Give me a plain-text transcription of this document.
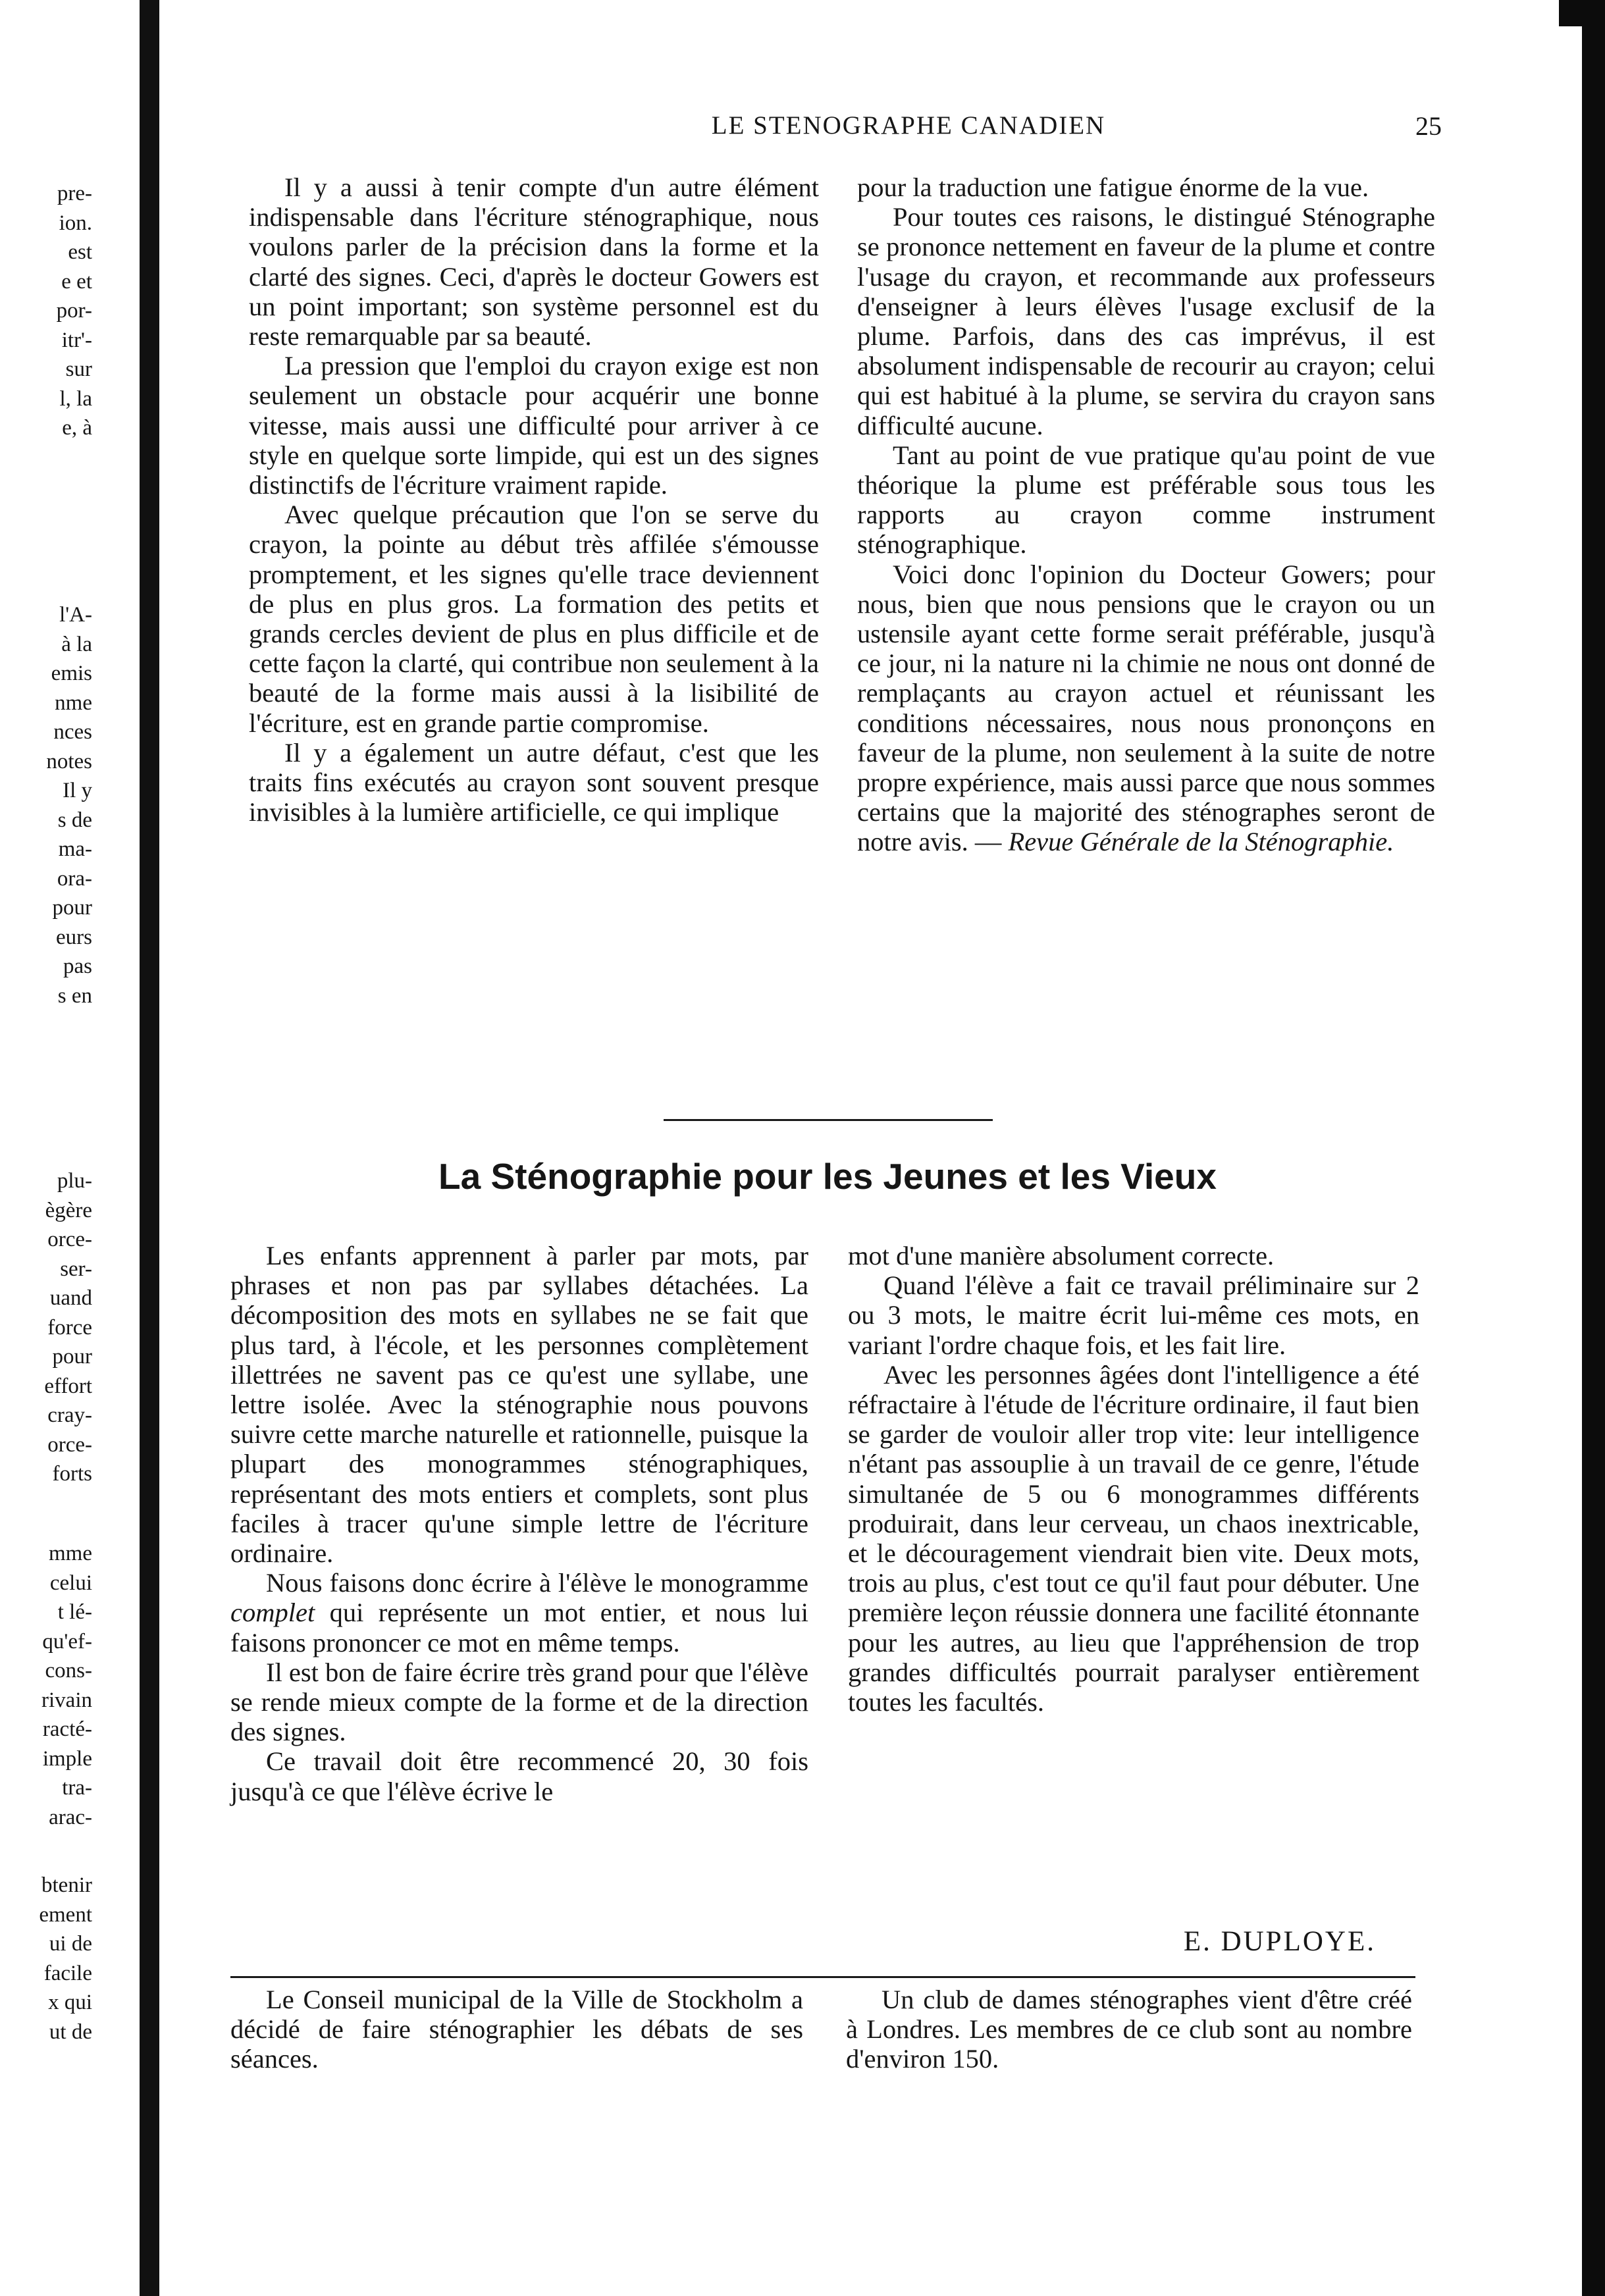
pre-
ion.
est
e et
por-
itr'-
sur
l, la
e, à
l'A-
à la
emis
nme
nces
notes
Il y
s de
ma-
ora-
pour
eurs
pas
s en
plu-
ègère
orce-
ser-
uand
force
pour
effort
cray-
orce-
forts
mme
celui
t lé-
qu'ef-
cons-
rivain
racté-
imple
tra-
arac-
btenir
ement
ui de
facile
x qui
ut de
LE STENOGRAPHE CANADIEN	25

Il y a aussi à tenir compte d'un autre élément indispensable dans l'écriture sténographique, nous voulons parler de la précision dans la forme et la clarté des signes. Ceci, d'après le docteur Gowers est un point important; son système personnel est du reste remarquable par sa beauté.

La pression que l'emploi du crayon exige est non seulement un obstacle pour acquérir une bonne vitesse, mais aussi une difficulté pour arriver à ce style en quelque sorte limpide, qui est un des signes distinctifs de l'écriture vraiment rapide.

Avec quelque précaution que l'on se serve du crayon, la pointe au début très affilée s'émousse promptement, et les signes qu'elle trace deviennent de plus en plus gros. La formation des petits et grands cercles devient de plus en plus difficile et de cette façon la clarté, qui contribue non seulement à la beauté de la forme mais aussi à la lisibilité de l'écriture, est en grande partie compromise.

Il y a également un autre défaut, c'est que les traits fins exécutés au crayon sont souvent presque invisibles à la lumière artificielle, ce qui implique

pour la traduction une fatigue énorme de la vue.

Pour toutes ces raisons, le distingué Sténographe se prononce nettement en faveur de la plume et contre l'usage du crayon, et recommande aux professeurs d'enseigner à leurs élèves l'usage exclusif de la plume. Parfois, dans des cas imprévus, il est absolument indispensable de recourir au crayon; celui qui est habitué à la plume, se servira du crayon sans difficulté aucune.

Tant au point de vue pratique qu'au point de vue théorique la plume est préférable sous tous les rapports au crayon comme instrument sténographique.

Voici donc l'opinion du Docteur Gowers; pour nous, bien que nous pensions que le crayon ou un ustensile ayant cette forme serait préférable, jusqu'à ce jour, ni la nature ni la chimie ne nous ont donné de remplaçants au crayon actuel et réunissant les conditions nécessaires, nous nous prononçons en faveur de la plume, non seulement à la suite de notre propre expérience, mais aussi parce que nous sommes certains que la majorité des sténographes seront de notre avis. — Revue Générale de la Sténographie.

La Sténographie pour les Jeunes et les Vieux

Les enfants apprennent à parler par mots, par phrases et non pas par syllabes détachées. La décomposition des mots en syllabes ne se fait que plus tard, à l'école, et les personnes complètement illettrées ne savent pas ce qu'est une syllabe, une lettre isolée. Avec la sténographie nous pouvons suivre cette marche naturelle et rationnelle, puisque la plupart des monogrammes sténographiques, représentant des mots entiers et complets, sont plus faciles à tracer qu'une simple lettre de l'écriture ordinaire.

Nous faisons donc écrire à l'élève le monogramme complet qui représente un mot entier, et nous lui faisons prononcer ce mot en même temps.

Il est bon de faire écrire très grand pour que l'élève se rende mieux compte de la forme et de la direction des signes.

Ce travail doit être recommencé 20, 30 fois jusqu'à ce que l'élève écrive le

mot d'une manière absolument correcte.

Quand l'élève a fait ce travail préliminaire sur 2 ou 3 mots, le maitre écrit lui-même ces mots, en variant l'ordre chaque fois, et les fait lire.

Avec les personnes âgées dont l'intelligence a été réfractaire à l'étude de l'écriture ordinaire, il faut bien se garder de vouloir aller trop vite: leur intelligence n'étant pas assouplie à un travail de ce genre, l'étude simultanée de 5 ou 6 monogrammes différents produirait, dans leur cerveau, un chaos inextricable, et le découragement viendrait bien vite. Deux mots, trois au plus, c'est tout ce qu'il faut pour débuter. Une première leçon réussie donnera une facilité étonnante pour les autres, au lieu que l'appréhension de trop grandes difficultés pourrait paralyser entièrement toutes les facultés.

E. DUPLOYE.

Le Conseil municipal de la Ville de Stockholm a décidé de faire sténographier les débats de ses séances.

Un club de dames sténographes vient d'être créé à Londres. Les membres de ce club sont au nombre d'environ 150.
